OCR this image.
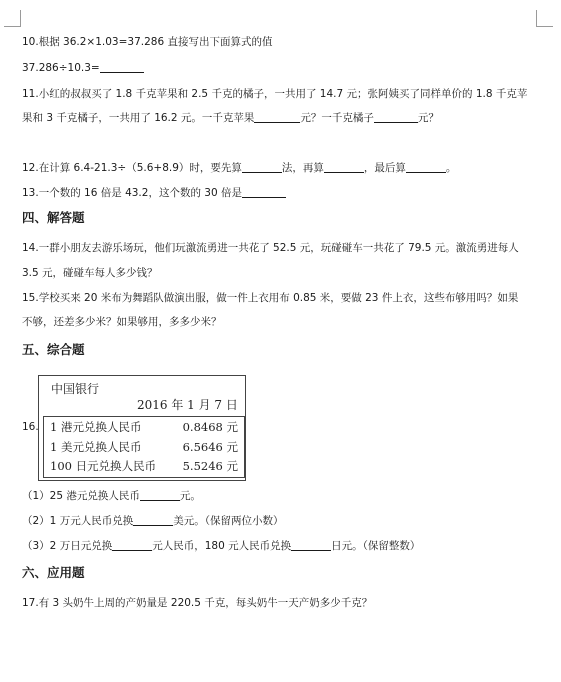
10.根据 36.2×1.03=37.286 直接写出下面算式的值
37.286÷10.3=
11.小红的叔叔买了 1.8 千克苹果和 2.5 千克的橘子，一共用了 14.7 元；张阿姨买了同样单价的 1.8 千克苹
果和 3 千克橘子，一共用了 16.2 元。一千克苹果	元？一千克橘子	元？
12.在计算 6.4-21.3÷（5.6+8.9）时，要先算	法，再算	，最后算	。
13.一个数的 16 倍是 43.2，这个数的 30 倍是
四、解答题
14.一群小朋友去游乐场玩，他们玩激流勇进一共花了 52.5 元，玩碰碰车一共花了 79.5 元。激流勇进每人
3.5 元，碰碰车每人多少钱？
15.学校买来 20 米布为舞蹈队做演出服，做一件上衣用布 0.85 米，要做 23 件上衣，这些布够用吗？如果
不够，还差多少米？如果够用，多多少米？
五、综合题
16.
中国银行
2016 年 1 月 7 日
1 港元兑换人民币	0.8468 元
1 美元兑换人民币	6.5646 元
100 日元兑换人民币 5.5246 元
（1）25 港元兑换人民币	元。
（2）1 万元人民币兑换	美元。（保留两位小数）
（3）2 万日元兑换	元人民币，180 元人民币兑换	日元。（保留整数）
六、应用题
17.有 3 头奶牛上周的产奶量是 220.5 千克，每头奶牛一天产奶多少千克？
